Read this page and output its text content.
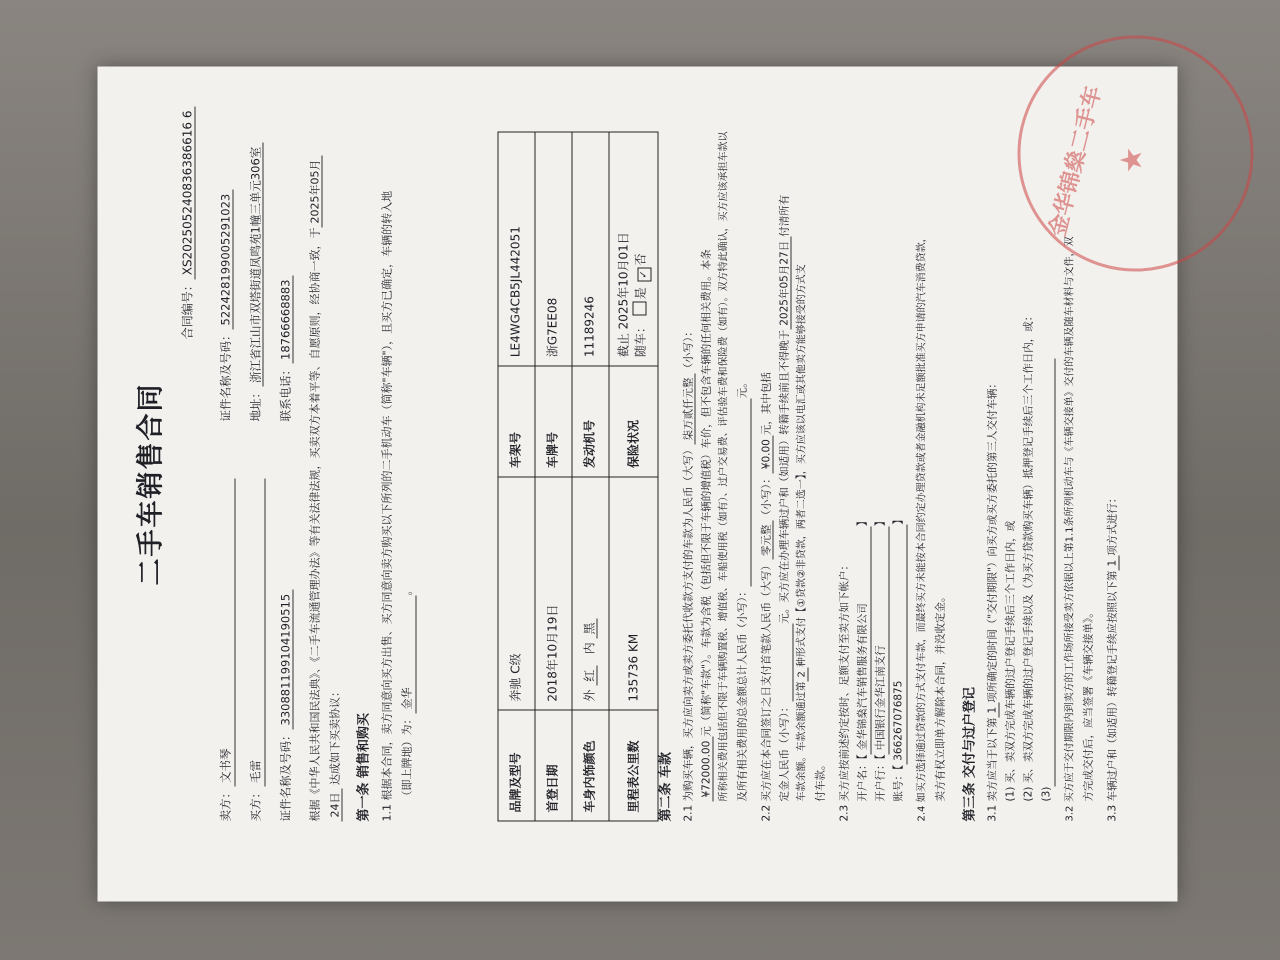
二手车销售合同
合同编号：XS202505240836386616 6
卖方：文书琴
证件名称及号码：522428199005291023
买方：毛雷
地址：浙江省江山市双塔街道凤鸣苑1幢三单元306室
证件名称及号码：330881199104190515
联系电话：18766668883 根据《中华人民共和国民法典》、《二手车流通管理办法》等有关法律法规，买卖双方本着平等、自愿原则，经协商一致，于2025年05月
24日 达成如下买卖协议： 第一条 销售和购买 1.1 根据本合同，卖方同意向买方出售、买方同意向卖方购买以下所列的二手机动车（简称"车辆"），且买方已确定，车辆的转入地 （即上牌地）为：金华。
品牌及型号	奔驰 C级	车架号	LE4WG4CB5JL442051
首登日期	2018年10月19日	车牌号	浙G7EE08
车身内饰颜色	外 红   内 黑	发动机号	11189246
里程表公里数	135736 KM	保险状况	截止 2025年10月01日 随车： 是 ✓否
第二条 车款 2.1 为购买车辆，买方应向卖方或卖方委托代收款方支付的车款为人民币（大写）柒万贰仟元整（小写）：
¥72000.00元（简称"车款"）。车款为含税（包括但不限于车辆的增值税）车价，但不包含车辆的任何相关费用。本条 所称相关费用包括但不限于车辆购置税、增值税、车船使用税（如有）、过户交易费、评估验车费和保险费（如有）。双方特此确认，买方应该承担车款以 及所有相关费用的总金额总计人民币（小写）： 元。
2.2 买方应在本合同签订之日支付首笔款人民币（大写）零元整（小写）：¥0.00元，其中包括
定金人民币（小写）： 元。买方应在办理车辆过户和（如适用）转籍手续前且不得晚于2025年05月27日付清所有
车款余额。车款余额通过第2种形式支付【①贷款②非贷款，两者二选一】，买方应该以电汇或其他卖方能够接受的方式支
付车款。 2.3 买方应按前述约定按时、足额支付至卖方如下帐户： 开户名：【金华锦燊汽车销售服务有限公司】
开户行：【中国银行金华江南支行】
账号：【366267076875】	2.4 如买方选择通过贷款的方式支付车款，而最终买方未能按本合同约定办理贷款或者金融机构未足额批准买方申请的汽车消费贷款， 卖方有权立即单方解除本合同，并没收定金。 第三条 交付与过户登记 3.1 卖方应当于以下第1项所确定的时间（"交付期限"）向买方或买方委托的第三人交付车辆： (1) 买、卖双方完成车辆的过户登记手续后三个工作日内，或 (2) 买、卖双方完成车辆的过户登记手续以及（为买方贷款购买车辆）抵押登记手续后三个工作日内，或： (3)	3.2 买方应于交付期限内到卖方的工作场所接受卖方依据以上第1.1条所列机动车与《车辆交接单》交付的车辆及随车材料与文件，双 方完成交付后，应当签署《车辆交接单》。 3.3 车辆过户和（如适用）转籍登记手续应按照以下第1项方式进行：
金华锦燊二手车 ★
